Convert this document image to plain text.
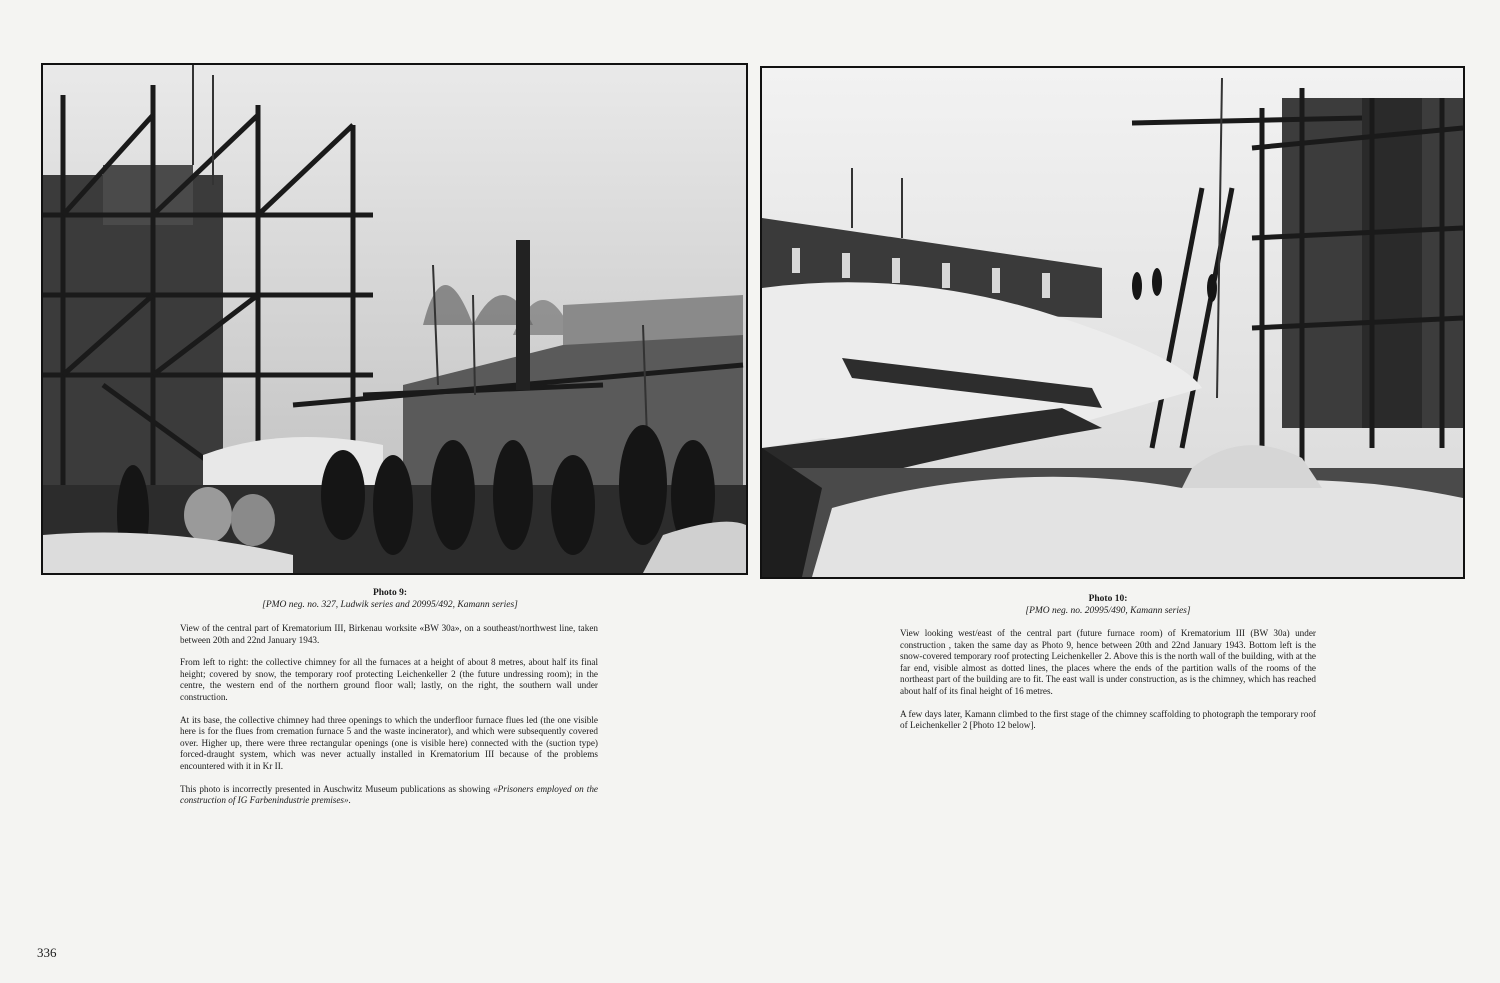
Photo 9:
[PMO neg. no. 327, Ludwik series and 20995/492, Kamann series]

View of the central part of Krematorium III, Birkenau worksite «BW 30a», on a southeast/northwest line, taken between 20th and 22nd January 1943.

From left to right: the collective chimney for all the furnaces at a height of about 8 metres, about half its final height; covered by snow, the temporary roof protecting Leichenkeller 2 (the future undressing room); in the centre, the western end of the northern ground floor wall; lastly, on the right, the southern wall under construction.

At its base, the collective chimney had three openings to which the underfloor furnace flues led (the one visible here is for the flues from cremation furnace 5 and the waste incinerator), and which were subsequently covered over. Higher up, there were three rectangular openings (one is visible here) connected with the (suction type) forced-draught system, which was never actually installed in Krematorium III because of the problems encountered with it in Kr II.

This photo is incorrectly presented in Auschwitz Museum publications as showing «Prisoners employed on the construction of IG Farbenindustrie premises».

Photo 10:
[PMO neg. no. 20995/490, Kamann series]

View looking west/east of the central part (future furnace room) of Krematorium III (BW 30a) under construction , taken the same day as Photo 9, hence between 20th and 22nd January 1943. Bottom left is the snow-covered temporary roof protecting Leichenkeller 2. Above this is the north wall of the building, with at the far end, visible almost as dotted lines, the places where the ends of the partition walls of the rooms of the northeast part of the building are to fit. The east wall is under construction, as is the chimney, which has reached about half of its final height of 16 metres.

A few days later, Kamann climbed to the first stage of the chimney scaffolding to photograph the temporary roof of Leichenkeller 2 [Photo 12 below].

336
